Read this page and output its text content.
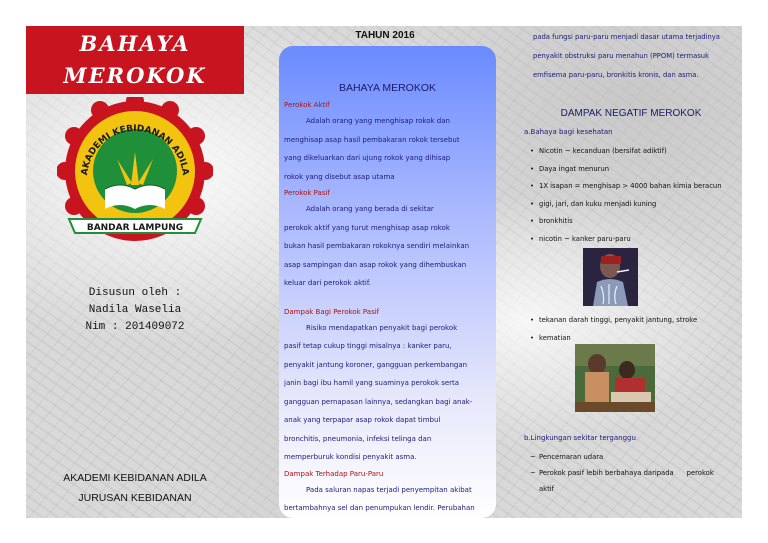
BAHAYA
MEROKOK
AKADEMI KEBIDANAN ADILA
BANDAR LAMPUNG
Disusun oleh :
Nadila Waselia
Nim : 201409072
AKADEMI KEBIDANAN ADILA
JURUSAN KEBIDANAN
TAHUN 2016
BAHAYA MEROKOK
Perokok Aktif

Adalah orang yang menghisap rokok dan

menghisap asap hasil pembakaran rokok tersebut

yang dikeluarkan dari ujung rokok yang dihisap

rokok yang disebut asap utama

Perokok Pasif

Adalah orang yang berada di sekitar

perokok aktif yang turut menghisap asap rokok

bukan hasil pembakaran rokoknya sendiri melainkan

asap sampingan dan asap rokok yang dihembuskan

keluar dari perokok aktif.

Dampak Bagi Perokok Pasif

Risiko mendapatkan penyakit bagi perokok

pasif tetap cukup tinggi misalnya : kanker paru,

penyakit jantung koroner, gangguan perkembangan

janin bagi ibu hamil yang suaminya perokok serta

gangguan pernapasan lainnya, sedangkan bagi anak-

anak yang terpapar asap rokok dapat timbul

bronchitis, pneumonia, infeksi telinga dan

memperburuk kondisi penyakit asma.

Dampak Terhadap Paru-Paru

Pada saluran napas terjadi penyempitan akibat

bertambahnya sel dan penumpukan lendir. Perubahan

pada fungsi paru-paru menjadi dasar utama terjadinya
penyakit obstruksi paru menahun (PPOM) termasuk
emfisema paru-paru, bronkitis kronis, dan asma.
DAMPAK NEGATIF MEROKOK
a.Bahaya bagi kesehatan
• Nicotin ~ kecanduan (bersifat adiktif)
• Daya ingat menurun
• 1X isapan = menghisap > 4000 bahan kimia beracun
• gigi, jari, dan kuku menjadi kuning
• bronkhitis
• nicotin ~ kanker paru-paru
• tekanan darah tinggi, penyakit jantung, stroke
• kematian
b.Lingkungan sekitar terganggu
~ Pencemaran udara
~ Perokok pasif lebih berbahaya daripada      perokok
aktif
